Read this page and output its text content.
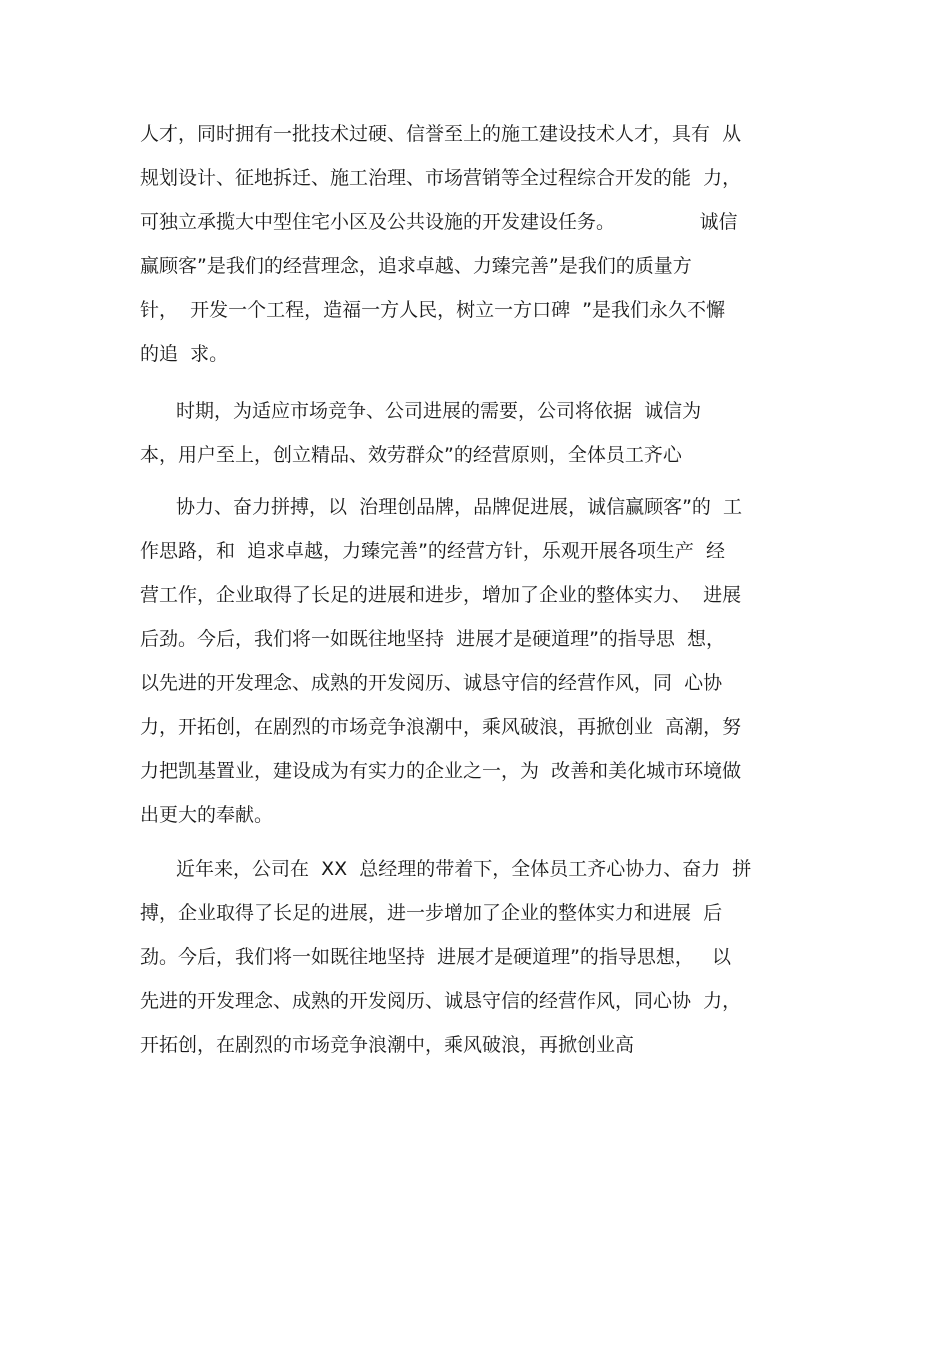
人才，同时拥有一批技术过硬、信誉至上的施工建设技术人才，具有  从

规划设计、征地拆迁、施工治理、市场营销等全过程综合开发的能  力，

可独立承揽大中型住宅小区及公共设施的开发建设任务。              诚信

赢顾客”是我们的经营理念，追求卓越、力臻完善”是我们的质量方

针，  开发一个工程，造福一方人民，树立一方口碑  ”是我们永久不懈

的追  求。

时期，为适应市场竞争、公司进展的需要，公司将依据  诚信为

本，用户至上，创立精品、效劳群众”的经营原则，全体员工齐心

协力、奋力拼搏，以  治理创品牌，品牌促进展，诚信赢顾客”的  工

作思路，和  追求卓越，力臻完善”的经营方针，乐观开展各项生产  经

营工作，企业取得了长足的进展和进步，增加了企业的整体实力、  进展

后劲。今后，我们将一如既往地坚持  进展才是硬道理”的指导思  想，

以先进的开发理念、成熟的开发阅历、诚恳守信的经营作风，同  心协

力，开拓创，在剧烈的市场竞争浪潮中，乘风破浪，再掀创业  高潮，努

力把凯基置业，建设成为有实力的企业之一，为  改善和美化城市环境做

出更大的奉献。

近年来，公司在  XX  总经理的带着下，全体员工齐心协力、奋力  拼

搏，企业取得了长足的进展，进一步增加了企业的整体实力和进展  后

劲。今后，我们将一如既往地坚持  进展才是硬道理”的指导思想，   以

先进的开发理念、成熟的开发阅历、诚恳守信的经营作风，同心协  力，

开拓创，在剧烈的市场竞争浪潮中，乘风破浪，再掀创业高
